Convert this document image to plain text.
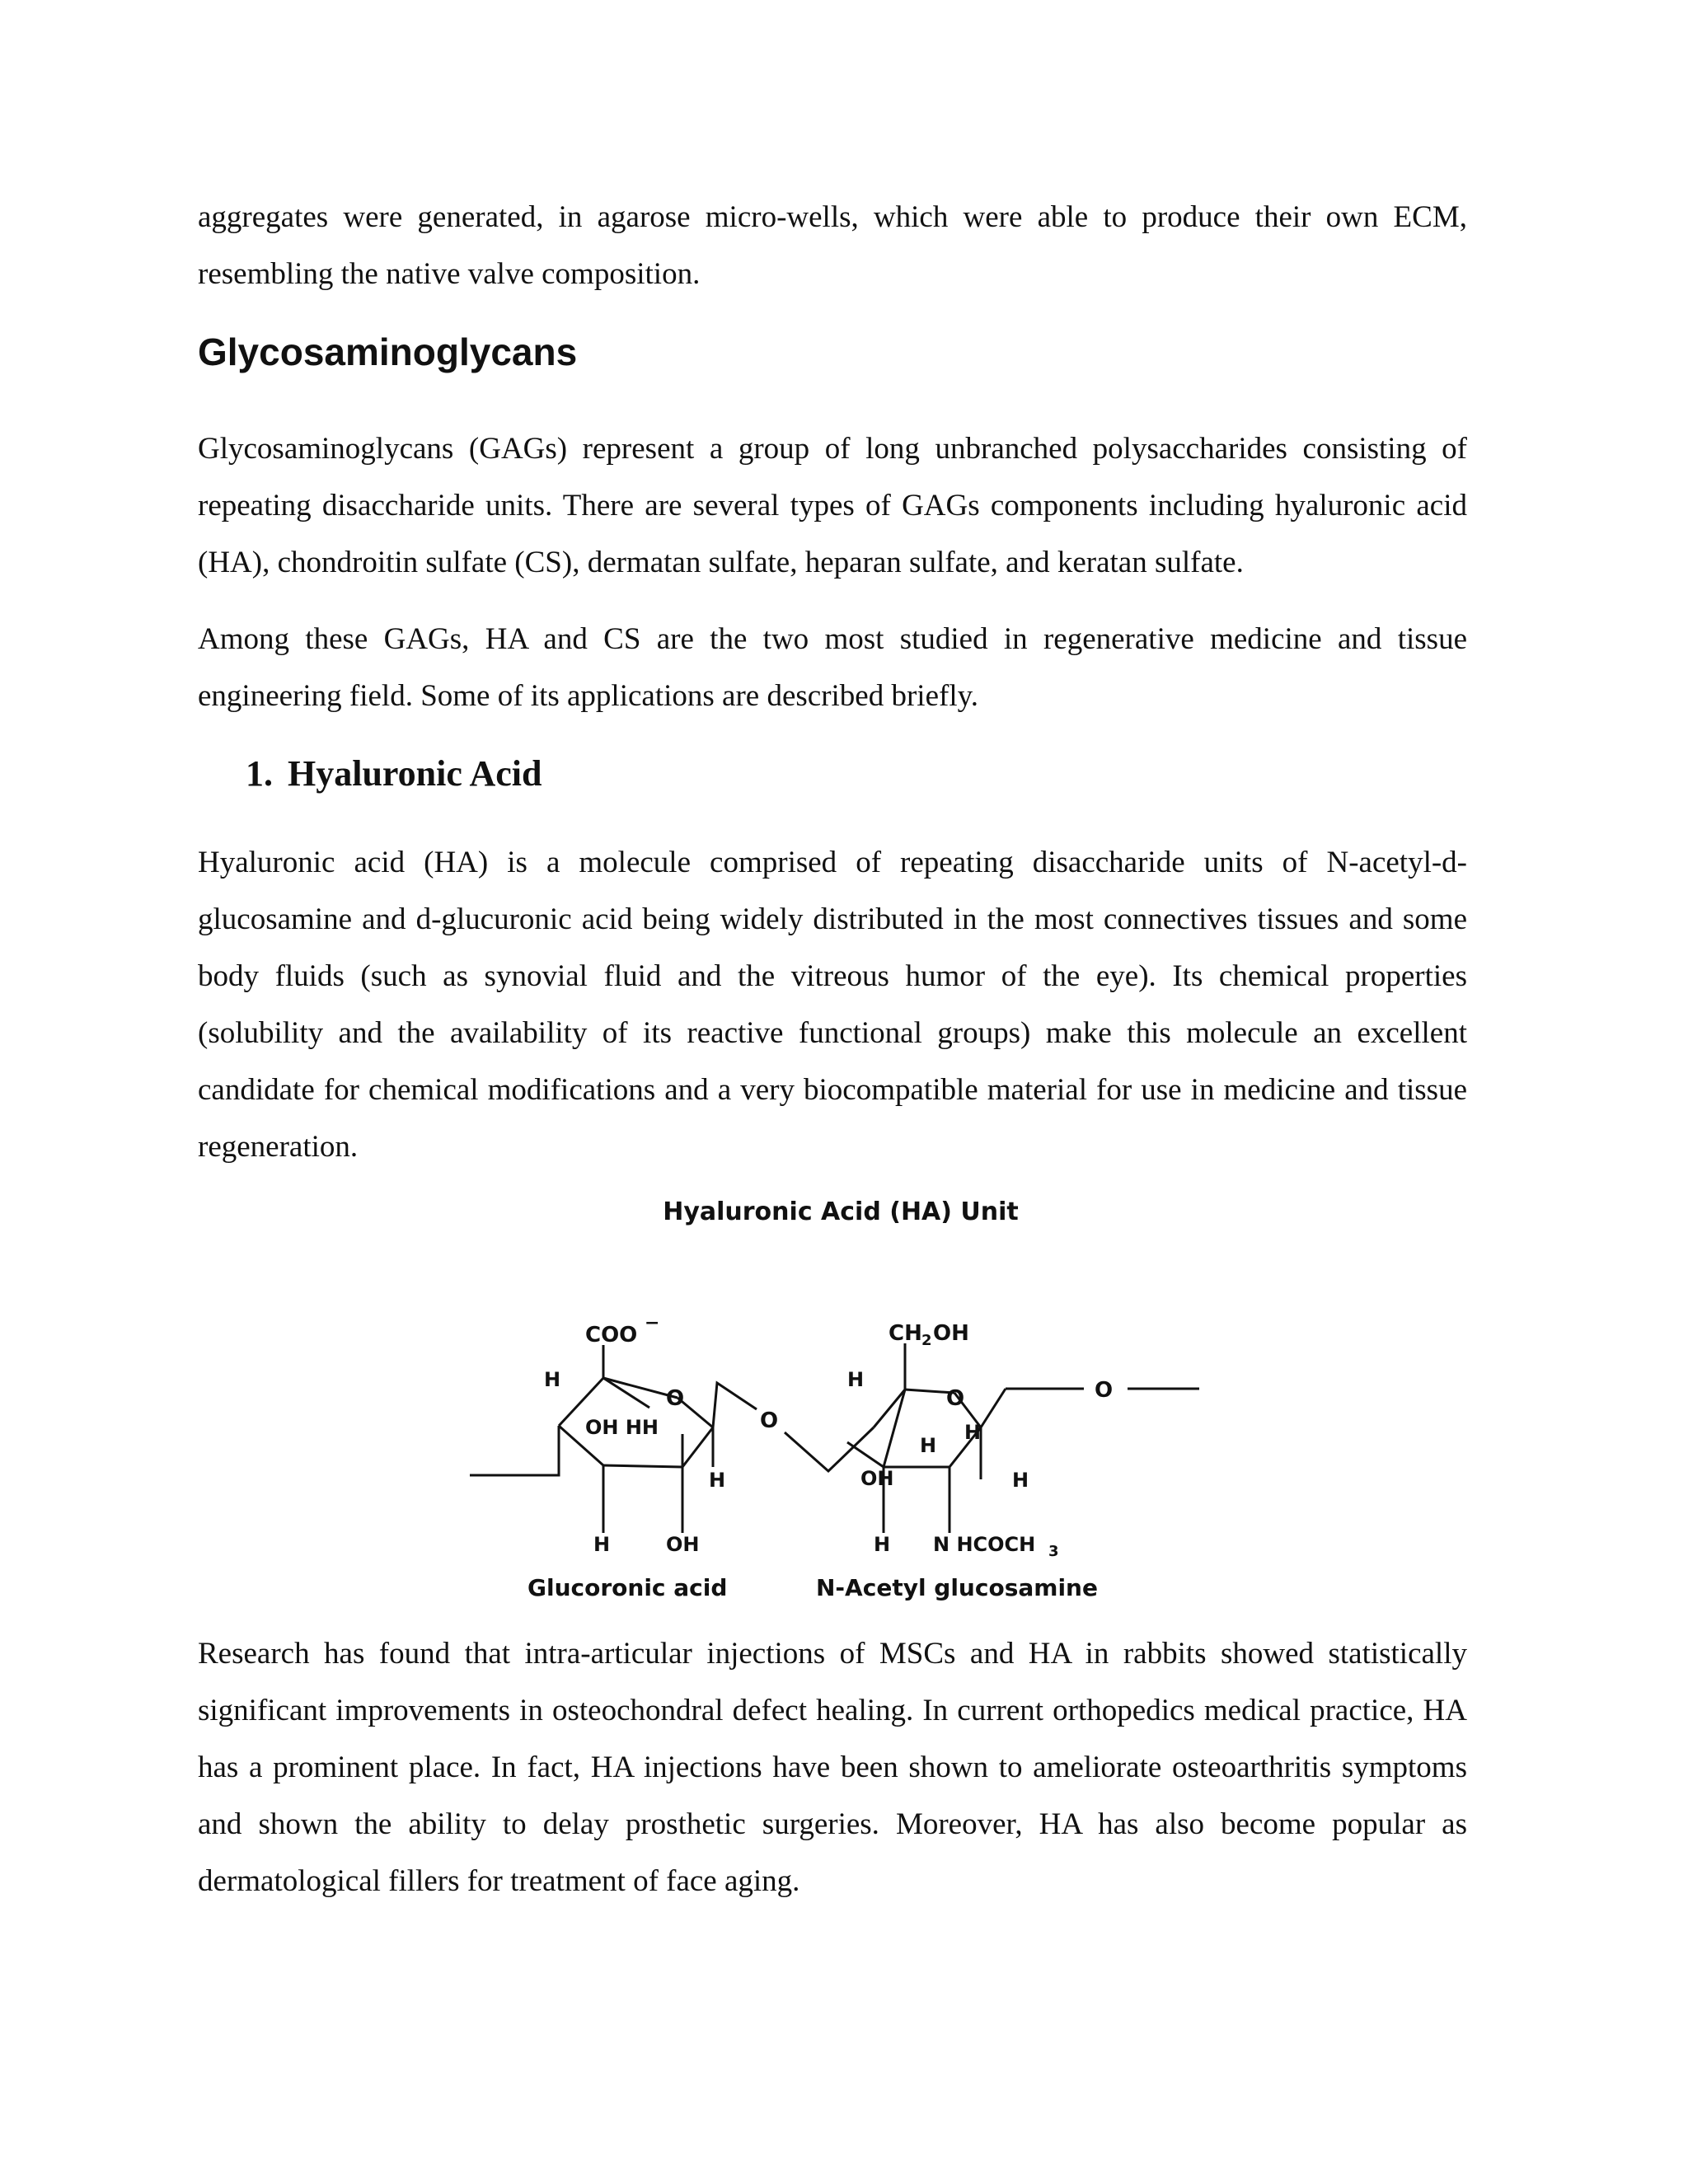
aggregates were generated, in agarose micro-wells, which were able to produce their own ECM, resembling the native valve composition.

Glycosaminoglycans

Glycosaminoglycans (GAGs) represent a group of long unbranched polysaccharides consisting of repeating disaccharide units. There are several types of GAGs components including hyaluronic acid (HA), chondroitin sulfate (CS), dermatan sulfate, heparan sulfate, and keratan sulfate.

Among these GAGs, HA and CS are the two most studied in regenerative medicine and tissue engineering field. Some of its applications are described briefly.

1. Hyaluronic Acid

Hyaluronic acid (HA) is a molecule comprised of repeating disaccharide units of N-acetyl-d-glucosamine and d-glucuronic acid being widely distributed in the most connectives tissues and some body fluids (such as synovial fluid and the vitreous humor of the eye). Its chemical properties (solubility and the availability of its reactive functional groups) make this molecule an excellent candidate for chemical modifications and a very biocompatible material for use in medicine and tissue regeneration.

Hyaluronic Acid (HA) Unit
COO −
H
O
OH HH
H
H	OH
O
CH 2 OH
H
O
H
H
OH	H
H N HCOCH 3
O
Glucoronic acid	N-Acetyl glucosamine

Research has found that intra-articular injections of MSCs and HA in rabbits showed statistically significant improvements in osteochondral defect healing. In current orthopedics medical practice, HA has a prominent place. In fact, HA injections have been shown to ameliorate osteoarthritis symptoms and shown the ability to delay prosthetic surgeries. Moreover, HA has also become popular as dermatological fillers for treatment of face aging.
